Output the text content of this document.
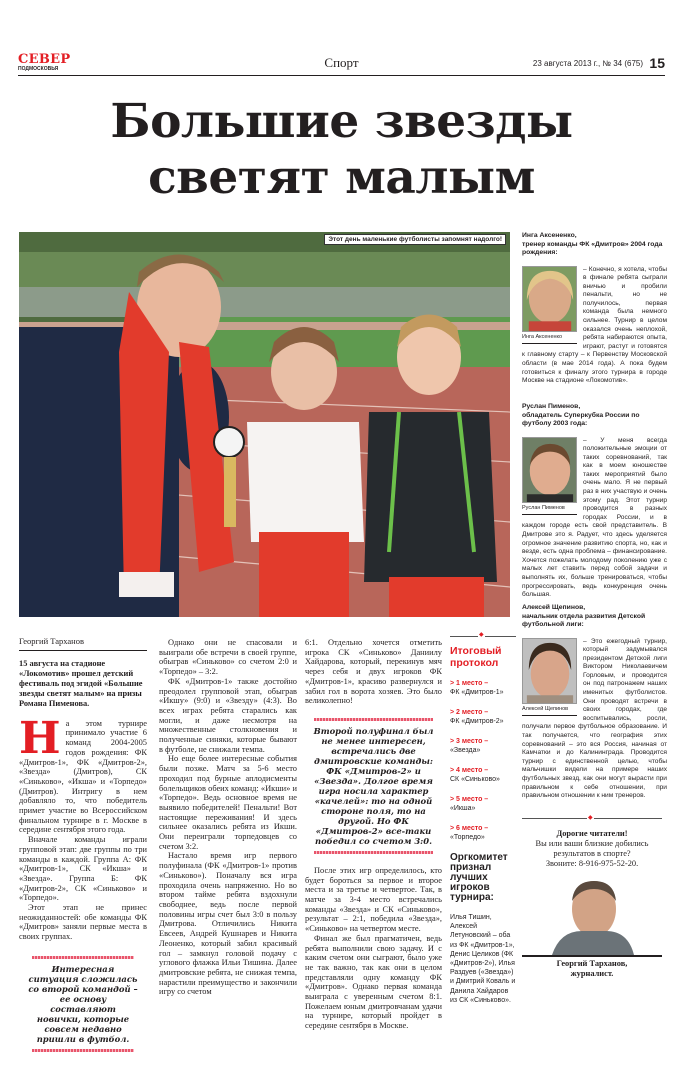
СЕВЕР
ПОДМОСКОВЬЯ	Спорт	23 августа 2013 г., № 34 (675) 15
Большие звезды
светят малым
Этот день маленькие футболисты запомнят надолго!
Георгий Тарханов
15 августа на стадионе «Локомотив» прошел детский фестиваль под эгидой «Большие звезды светят малым» на призы Романа Пименова.
Н а этом турнире принимало участие 6 команд 2004-2005 годов рождения: ФК «Дмитров-1», ФК «Дмитров-2», «Звезда» (Дмитров), СК «Синьково», «Икша» и «Торпедо» (Дмитров). Интригу в нем добавляло то, что победитель примет участие во Всероссийском финальном турнире в г. Москве в середине сентября этого года.

Вначале команды играли групповой этап: две группы по три команды в каждой. Группа А: ФК «Дмитров-1», СК «Икша» и «Звезда». Группа Б: ФК «Дмитров-2», СК «Синьково» и «Торпедо».

Этот этап не принес неожиданностей: обе команды ФК «Дмитров» заняли первые места в своих группах.

Интересная ситуация сложилась со второй командой – ее основу составляют новички, которые совсем недавно пришли в футбол.

Однако они не спасовали и выиграли обе встречи в своей группе, обыграв «Синьково» со счетом 2:0 и «Торпедо» – 3:2.

ФК «Дмитров-1» также достойно преодолел групповой этап, обыграв «Икшу» (9:0) и «Звезду» (4:3). Во всех играх ребята старались как могли, и даже несмотря на множественные столкновения и полученные синяки, которые бывают в футболе, не снижали темпа.

Но еще более интересные события были позже. Матч за 5-6 место проходил под бурные аплодисменты болельщиков обеих команд: «Икши» и «Торпедо». Ведь основное время не выявило победителей! Пенальти! Вот настоящие переживания! И здесь сильнее оказались ребята из Икши. Они переиграли торпедовцев со счетом 3:2.

Настало время игр первого полуфинала (ФК «Дмитров-1» против «Синьково»). Поначалу вся игра проходила очень напряженно. Но во втором тайме ребята вздохнули свободнее, ведь после первой половины игры счет был 3:0 в пользу Дмитрова. Отличились Никита Евсеев, Андрей Кушнарев и Никита Леоненко, который забил красивый гол – замкнул головой подачу с углового флажка Ильи Тишина. Далее дмитровские ребята, не снижая темпа, нарастили преимущество и закончили игру со счетом

6:1. Отдельно хочется отметить игрока СК «Синьково» Даниилу Хайдарова, который, перекинув мяч через себя и двух игроков ФК «Дмитров-1», красиво развернулся и забил гол в ворота хозяев. Это было великолепно!

Второй полуфинал был не менее интересен, встречались две дмитровские команды: ФК «Дмитров-2» и «Звезда». Долгое время игра носила характер «качелей»: то на одной стороне поля, то на другой. Но ФК «Дмитров-2» все-таки победил со счетом 3:0.

После этих игр определилось, кто будет бороться за первое и второе места и за третье и четвертое. Так, в матче за 3-4 место встречались команды «Звезда» и СК «Синьково», результат – 2:1, победила «Звезда», «Синьково» на четвертом месте.

Финал же был прагматичен, ведь ребята выполнили свою задачу. И с каким счетом они сыграют, было уже не так важно, так как они в целом представляли одну команду ФК «Дмитров». Однако первая команда выиграла с уверенным счетом 8:1. Пожелаем юным дмитровчанам удачи на турнире, который пройдет в середине сентября в Москве.

◆
Итоговый протокол
> 1 место –
ФК «Дмитров-1»
> 2 место –
ФК «Дмитров-2»
> 3 место –
«Звезда»
> 4 место –
СК «Синьково»
> 5 место –
«Икша»
> 6 место – «Торпедо»
Оргкомитет признал лучших игроков турнира:
Илья Тишин, Алексей Летуновский – оба из ФК «Дмитров-1», Денис Целиков (ФК «Дмитров-2»), Илья Раздуев («Звезда») и Дмитрий Коваль и Данила Хайдаров из СК «Синьково».
Инга Аксененко,
тренер команды ФК «Дмитров» 2004 года рождения:
Инга Аксененко
– Конечно, я хотела, чтобы в финале ребята сыграли вничью и пробили пенальти, но не получилось, первая команда была немного сильнее. Турнир в целом оказался очень неплохой, ребята набираются опыта, играют, растут и готовятся к главному старту – к Первенству Московской области (в мае 2014 года). А пока будем готовиться к финалу этого турнира в городе Москве на стадионе «Локомотив».
Руслан Пименов,
обладатель Суперкубка России по футболу 2003 года:
Руслан Пименов
– У меня всегда положительные эмоции от таких соревнований, так как в моем юношестве таких мероприятий было очень мало. Я не первый раз в них участвую и очень этому рад. Этот турнир проводится в разных городах России, и в каждом городе есть свой представитель. В Дмитрове это я. Радует, что здесь уделяется огромное значение развитию спорта, но, как и везде, есть одна проблема – финансирование. Хочется пожелать молодому поколению уже с малых лет ставить перед собой задачи и выполнять их, больше тренироваться, чтобы прогрессировать, ведь конкуренция очень большая.
Алексей Щепинов,
начальник отдела развития Детской футбольной лиги:
Алексей Щепинов
– Это ежегодный турнир, который задумывался президентом Детской лиги Виктором Николаевичем Горловым, и проводится он под патронажем наших именитых футболистов. Они проводят встречи в своих городах, где воспитывались, росли, получали первое футбольное образование. И так получается, что география этих соревнований – это вся Россия, начиная от Камчатки и до Калининграда. Проводится турнир с единственной целью, чтобы мальчишки видели на примере наших футбольных звезд, как они могут вырасти при правильном к себе отношении, при правильном отношении к ним тренеров.
◆
Дорогие читатели!
Вы или ваши близкие добились результатов в спорте?
Звоните: 8-916-975-52-20.
Георгий Тарханов,
журналист.
